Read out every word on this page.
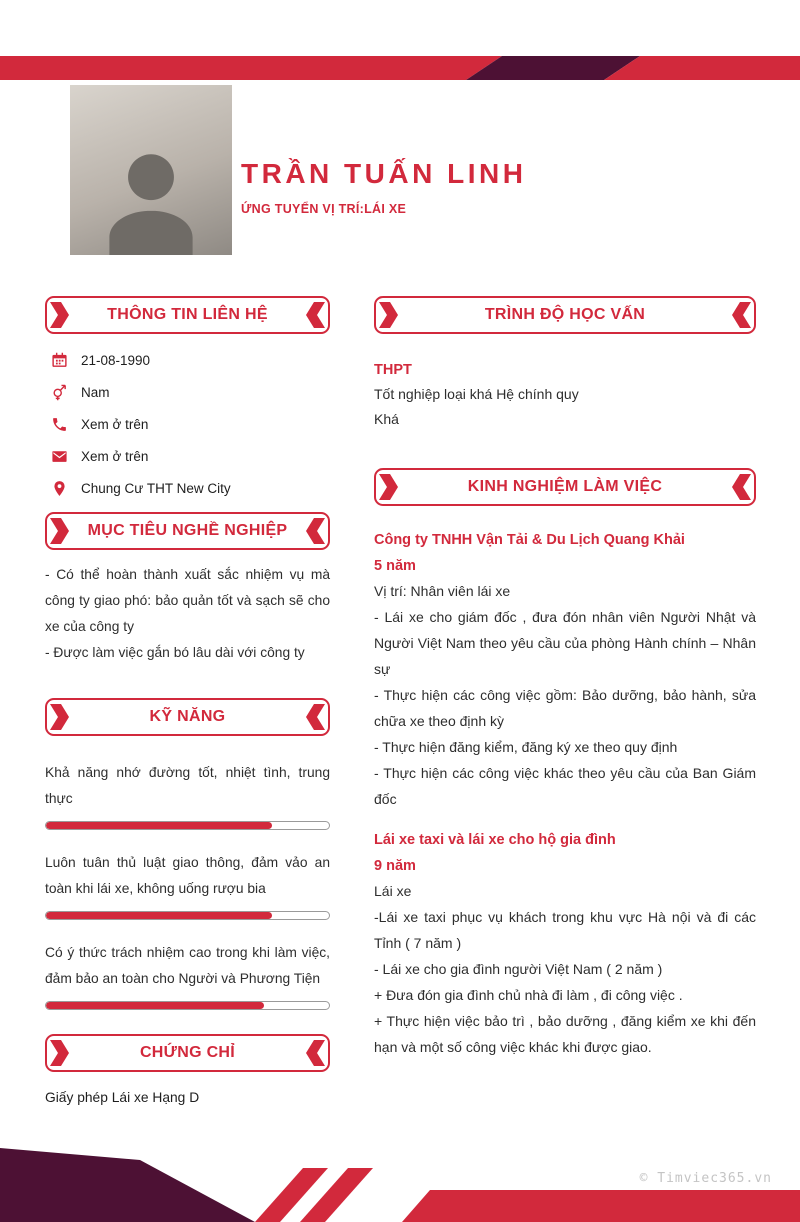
TRẦN TUẤN LINH
ỨNG TUYỂN VỊ TRÍ:LÁI XE
THÔNG TIN LIÊN HỆ
21-08-1990
Nam
Xem ở trên
Xem ở trên
Chung Cư THT New City
MỤC TIÊU NGHỀ NGHIỆP

- Có thể hoàn thành xuất sắc nhiệm vụ mà công ty giao phó: bảo quản tốt và sạch sẽ cho xe của công ty

- Được làm việc gắn bó lâu dài với công ty

KỸ NĂNG
Khả năng nhớ đường tốt, nhiệt tình, trung thực
Luôn tuân thủ luật giao thông, đảm vảo an toàn khi lái xe, không uống rượu bia
Có ý thức trách nhiệm cao trong khi làm việc, đảm bảo an toàn cho Người và Phương Tiện
CHỨNG CHỈ
Giấy phép Lái xe Hạng D
TRÌNH ĐỘ HỌC VẤN
THPT
Tốt nghiệp loại khá Hệ chính quy
Khá
KINH NGHIỆM LÀM VIỆC
Công ty TNHH Vận Tải & Du Lịch Quang Khải
5 năm
Vị trí: Nhân viên lái xe

- Lái xe cho giám đốc , đưa đón nhân viên Người Nhật và Người Việt Nam theo yêu cầu của phòng Hành chính – Nhân sự

- Thực hiện các công việc gồm: Bảo dưỡng, bảo hành, sửa chữa xe theo định kỳ

- Thực hiện đăng kiểm, đăng ký xe theo quy định

- Thực hiện các công việc khác theo yêu cầu của Ban Giám đốc

Lái xe taxi và lái xe cho hộ gia đình
9 năm
Lái xe

-Lái xe taxi phục vụ khách trong khu vực Hà nội và đi các Tỉnh ( 7 năm )

- Lái xe cho gia đình người Việt Nam ( 2 năm )

+ Đưa đón gia đình chủ nhà đi làm , đi công việc .

+ Thực hiện việc bảo trì , bảo dưỡng , đăng kiểm xe khi đến hạn và một số công việc khác khi được giao.

© Timviec365.vn
